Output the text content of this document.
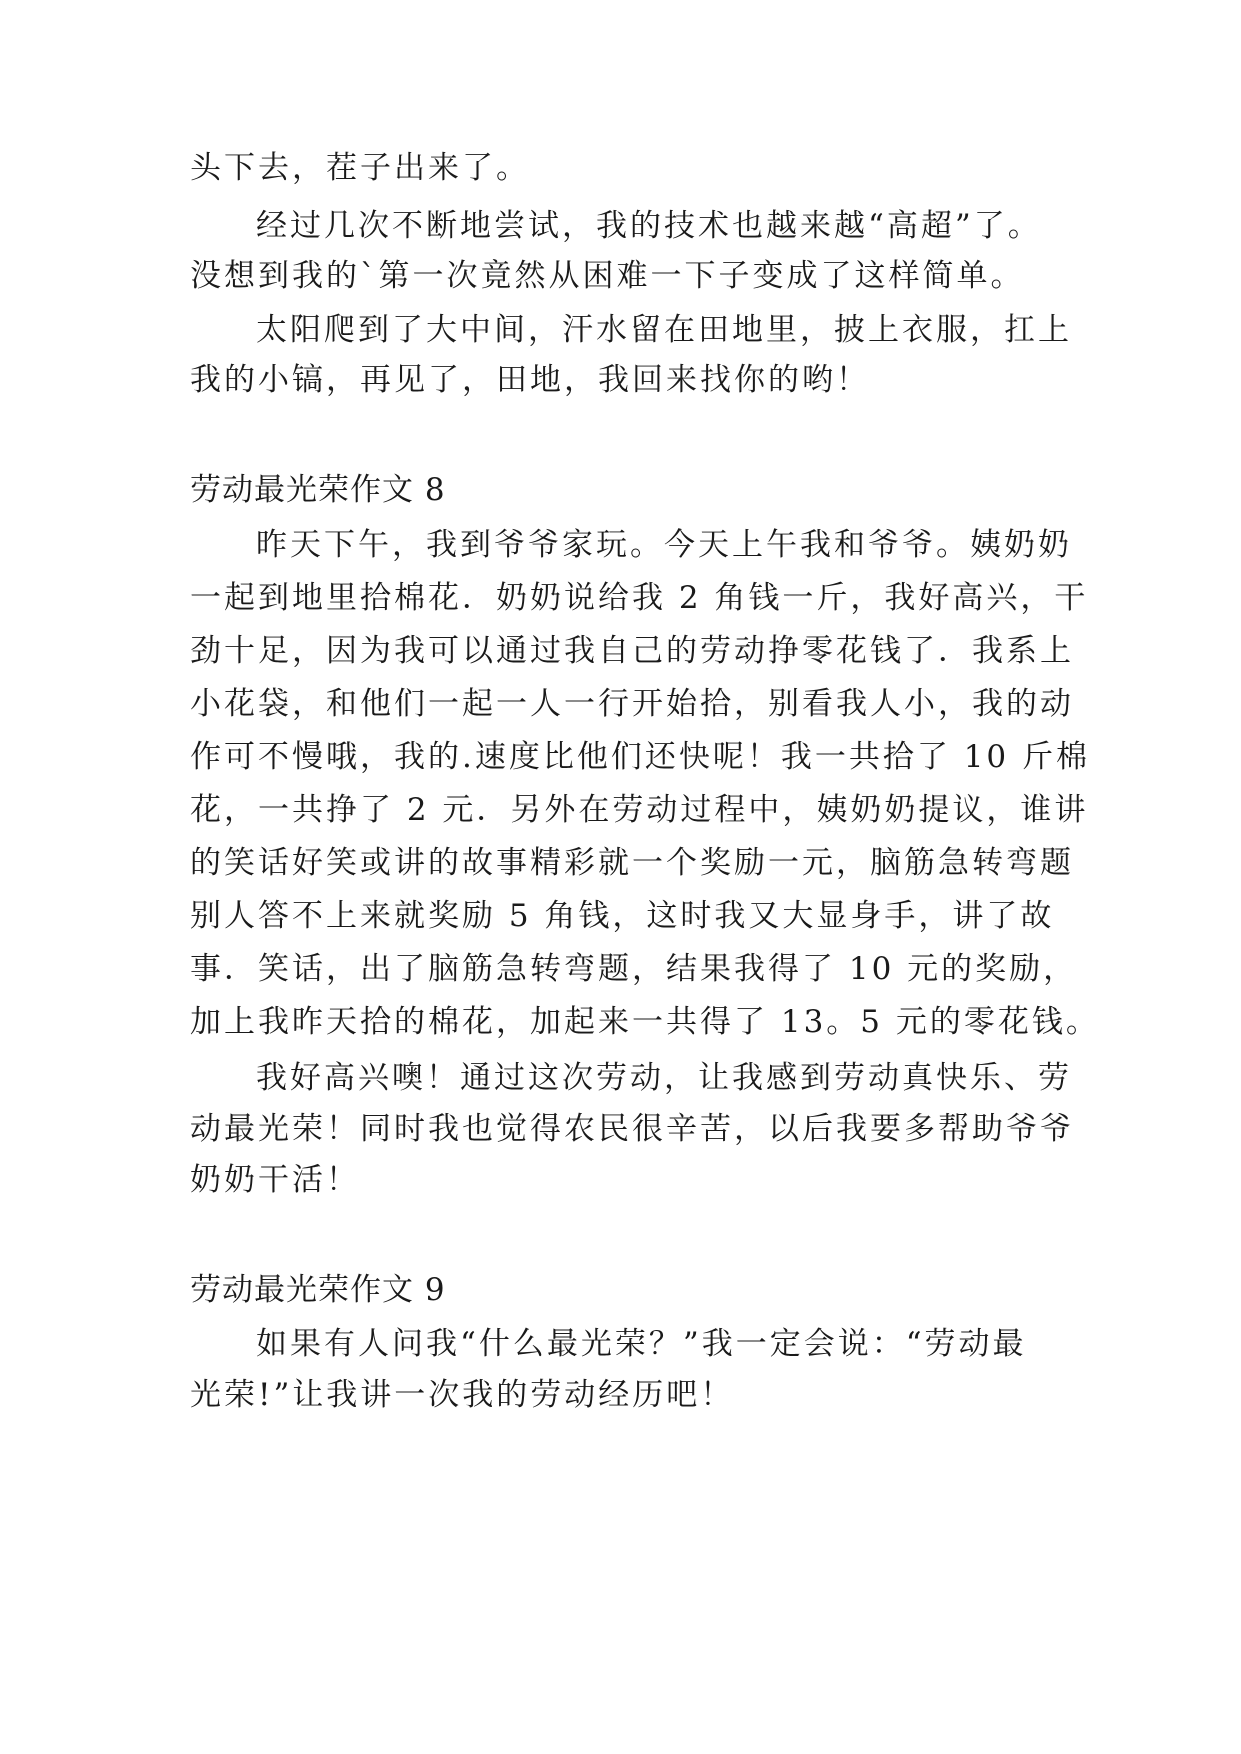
头下去，茬子出来了。
经过几次不断地尝试，我的技术也越来越“高超”了。
没想到我的`第一次竟然从困难一下子变成了这样简单。
太阳爬到了大中间，汗水留在田地里，披上衣服，扛上
我的小镐，再见了，田地，我回来找你的哟！
劳动最光荣作文 8
昨天下午，我到爷爷家玩。今天上午我和爷爷。姨奶奶
一起到地里拾棉花．奶奶说给我 2 角钱一斤，我好高兴，干
劲十足，因为我可以通过我自己的劳动挣零花钱了．我系上
小花袋，和他们一起一人一行开始拾，别看我人小，我的动
作可不慢哦，我的.速度比他们还快呢！我一共拾了 10 斤棉
花，一共挣了 2 元．另外在劳动过程中，姨奶奶提议，谁讲
的笑话好笑或讲的故事精彩就一个奖励一元，脑筋急转弯题
别人答不上来就奖励 5 角钱，这时我又大显身手，讲了故
事．笑话，出了脑筋急转弯题，结果我得了 10 元的奖励，
加上我昨天拾的棉花，加起来一共得了 13。5 元的零花钱。
我好高兴噢！通过这次劳动，让我感到劳动真快乐、劳
动最光荣！同时我也觉得农民很辛苦，以后我要多帮助爷爷
奶奶干活！
劳动最光荣作文 9
如果有人问我“什么最光荣？”我一定会说：“劳动最
光荣!”让我讲一次我的劳动经历吧！
